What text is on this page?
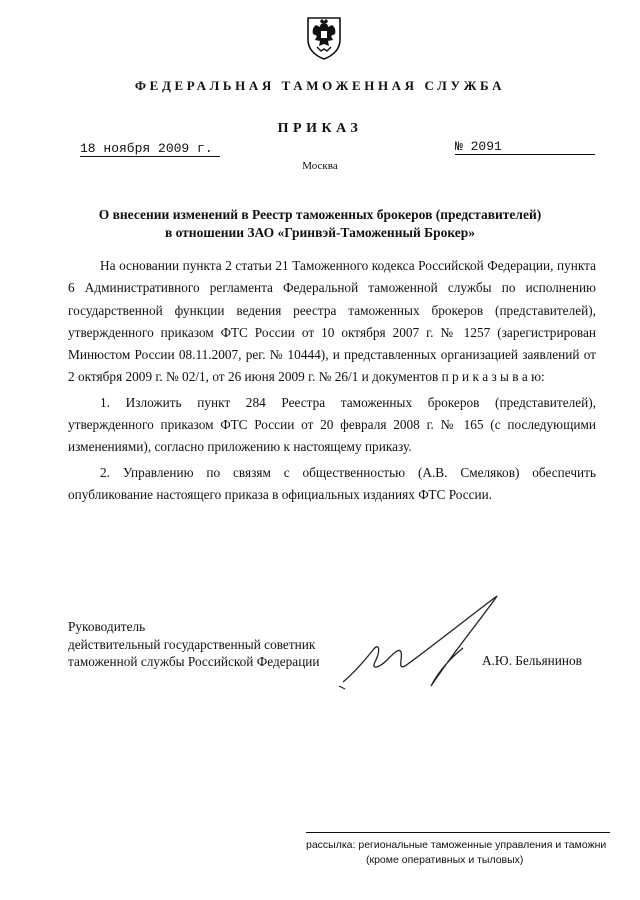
ФЕДЕРАЛЬНАЯ ТАМОЖЕННАЯ СЛУЖБА
ПРИКАЗ
18 ноября 2009 г.	№ 2091
Москва
О внесении изменений в Реестр таможенных брокеров (представителей)
в отношении ЗАО «Гринвэй-Таможенный Брокер»

На основании пункта 2 статьи 21 Таможенного кодекса Российской Федерации, пункта 6 Административного регламента Федеральной таможенной службы по исполнению государственной функции ведения реестра таможенных брокеров (представителей), утвержденного приказом ФТС России от 10 октября 2007 г. № 1257 (зарегистрирован Минюстом России 08.11.2007, рег. № 10444), и представленных организацией заявлений от 2 октября 2009 г. № 02/1, от 26 июня 2009 г. № 26/1 и документов п р и к а з ы в а ю:

1. Изложить пункт 284 Реестра таможенных брокеров (представителей), утвержденного приказом ФТС России от 20 февраля 2008 г. № 165 (с последующими изменениями), согласно приложению к настоящему приказу.

2. Управлению по связям с общественностью (А.В. Смеляков) обеспечить опубликование настоящего приказа в официальных изданиях ФТС России.

Руководитель
действительный государственный советник
таможенной службы Российской Федерации	А.Ю. Бельянинов
рассылка: региональные таможенные управления и таможни
(кроме оперативных и тыловых)
